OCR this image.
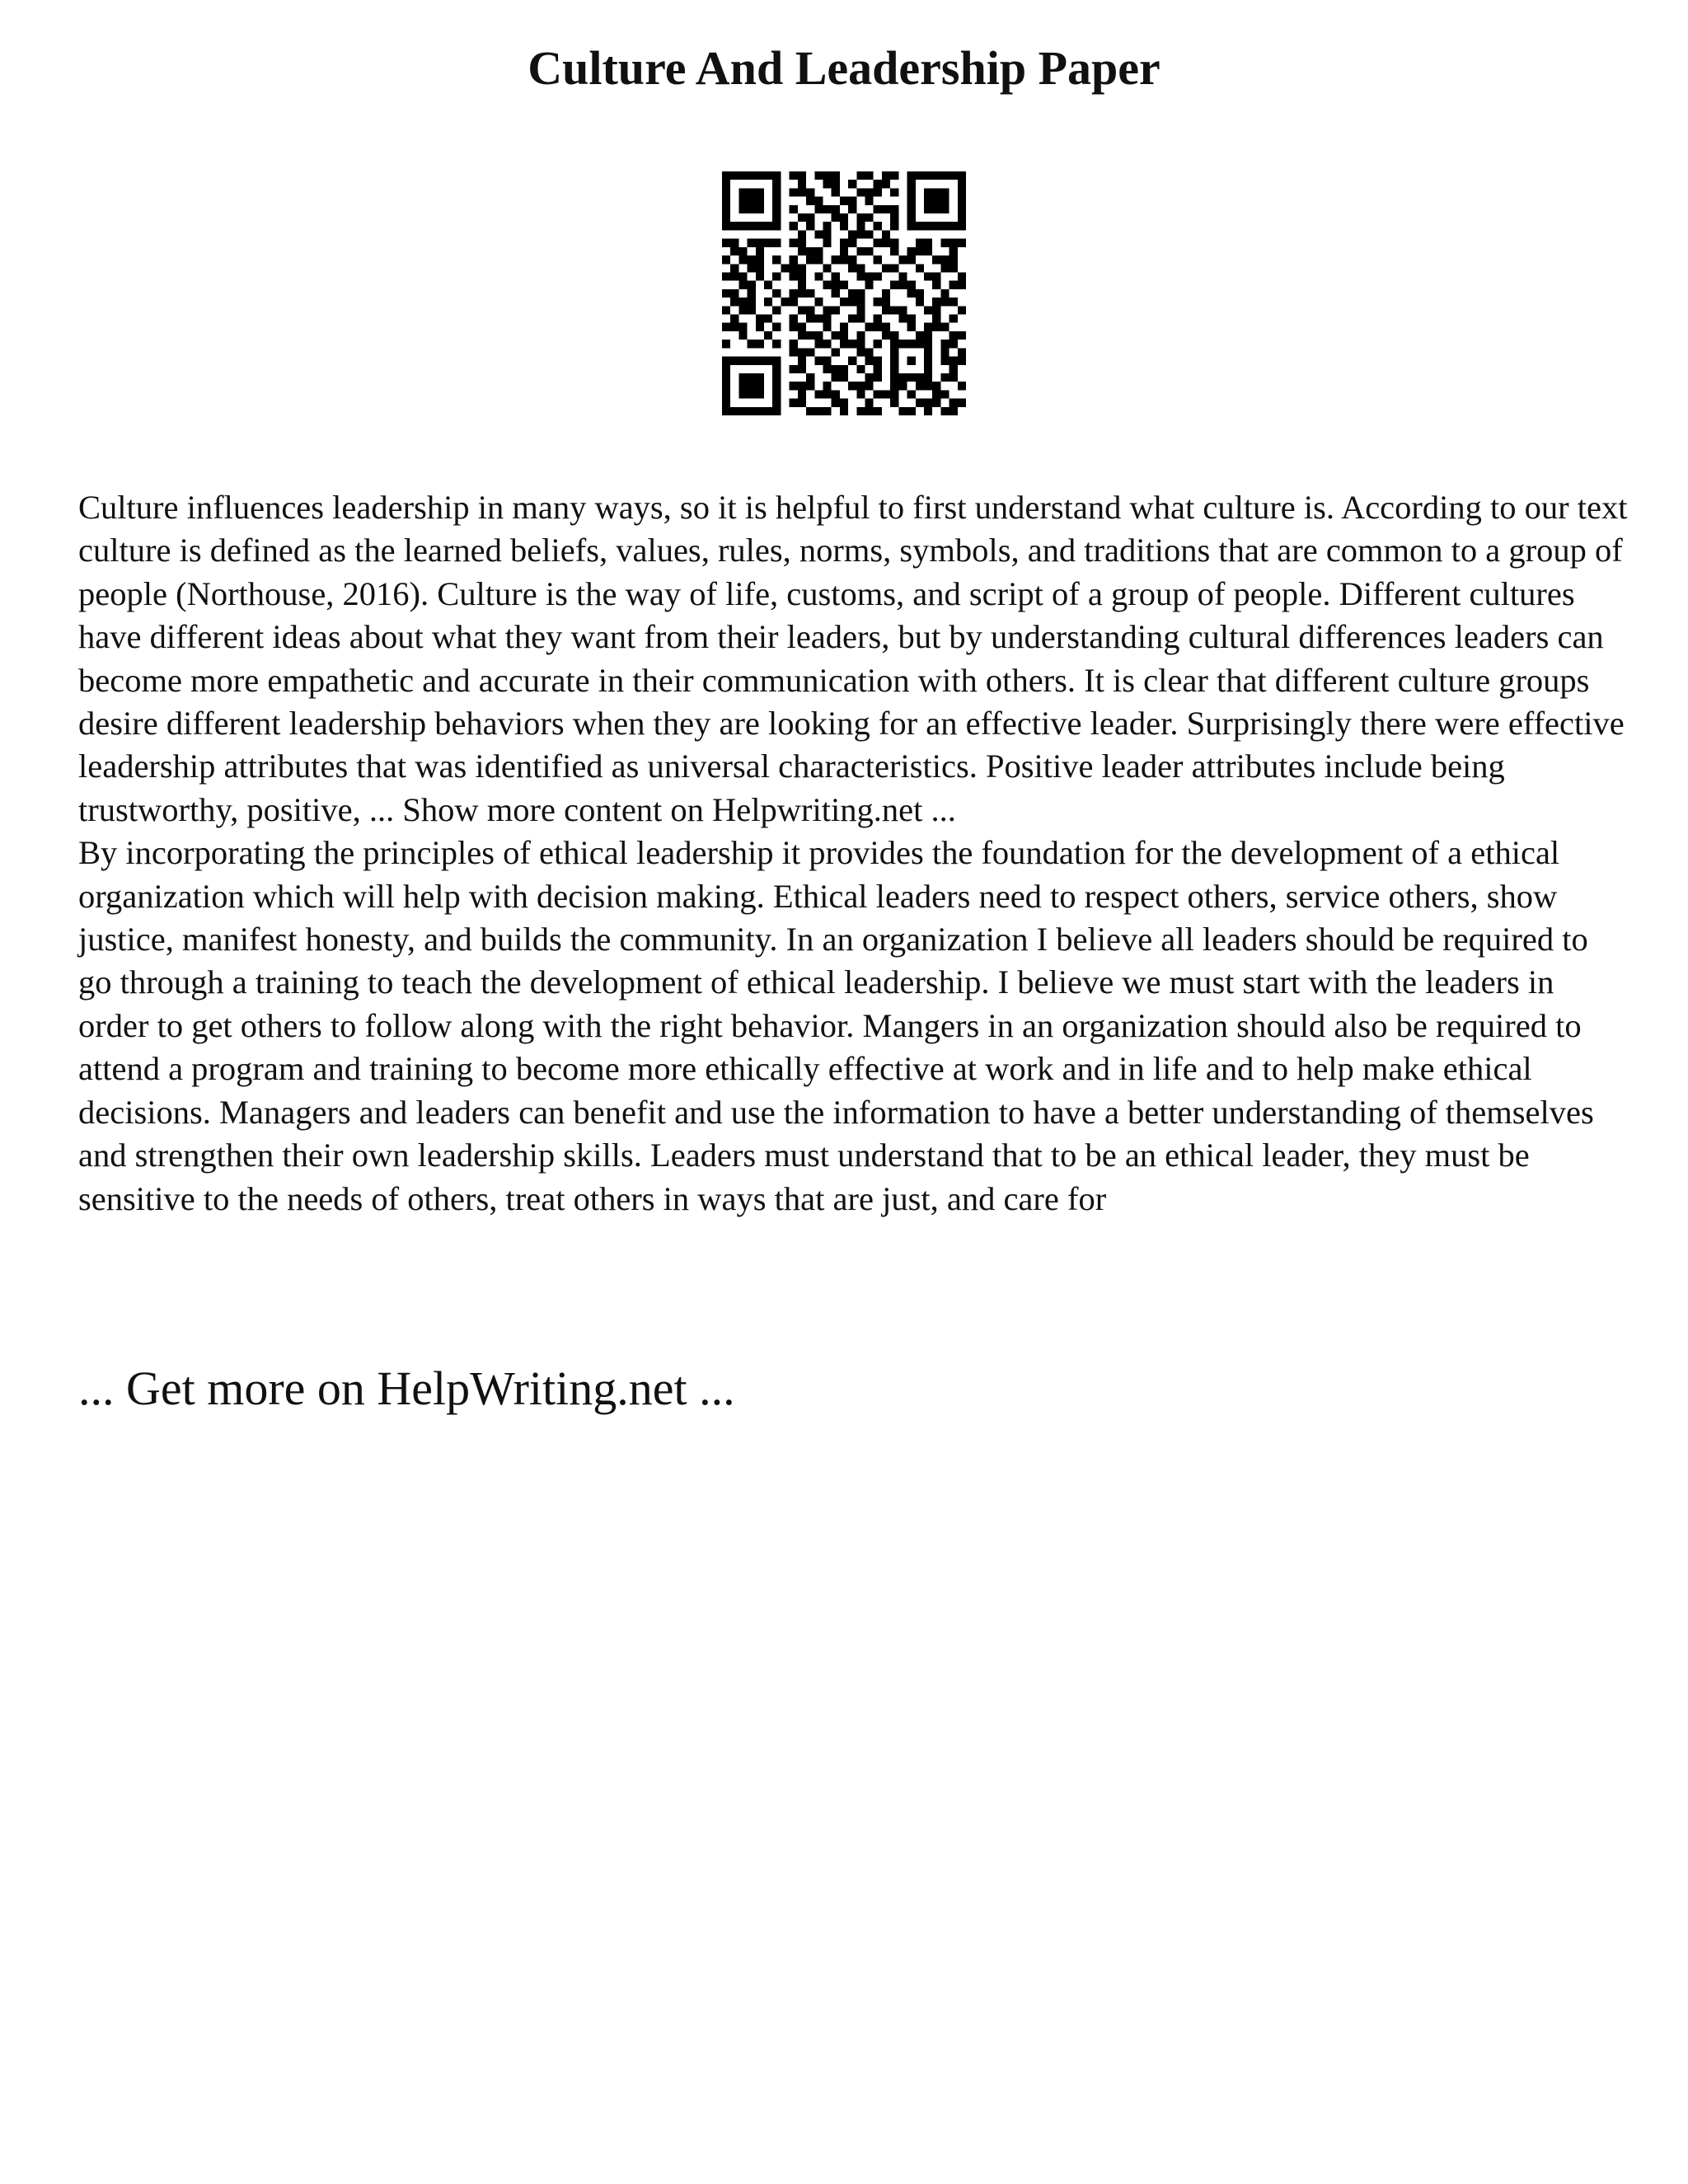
Culture And Leadership Paper

Culture influences leadership in many ways, so it is helpful to first understand what culture is. According to our text culture is defined as the learned beliefs, values, rules, norms, symbols, and traditions that are common to a group of people (Northouse, 2016). Culture is the way of life, customs, and script of a group of people. Different cultures have different ideas about what they want from their leaders, but by understanding cultural differences leaders can become more empathetic and accurate in their communication with others. It is clear that different culture groups desire different leadership behaviors when they are looking for an effective leader. Surprisingly there were effective leadership attributes that was identified as universal characteristics. Positive leader attributes include being trustworthy, positive, ... Show more content on Helpwriting.net ...

By incorporating the principles of ethical leadership it provides the foundation for the development of a ethical organization which will help with decision making. Ethical leaders need to respect others, service others, show justice, manifest honesty, and builds the community. In an organization I believe all leaders should be required to go through a training to teach the development of ethical leadership. I believe we must start with the leaders in order to get others to follow along with the right behavior. Mangers in an organization should also be required to attend a program and training to become more ethically effective at work and in life and to help make ethical decisions. Managers and leaders can benefit and use the information to have a better understanding of themselves and strengthen their own leadership skills. Leaders must understand that to be an ethical leader, they must be sensitive to the needs of others, treat others in ways that are just, and care for

... Get more on HelpWriting.net ...
